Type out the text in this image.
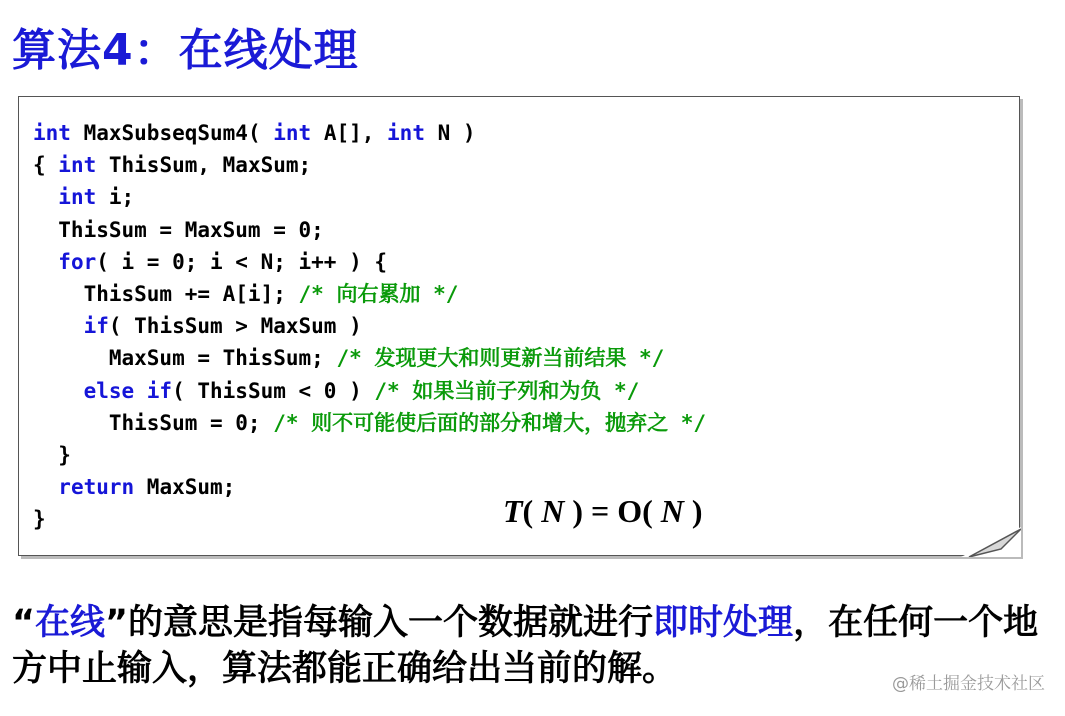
算法4：在线处理
int MaxSubseqSum4( int A[], int N )
{ int ThisSum, MaxSum;
int i;
ThisSum = MaxSum = 0;
for( i = 0; i < N; i++ ) {
ThisSum += A[i]; /* 向右累加 */
if( ThisSum > MaxSum )
MaxSum = ThisSum; /* 发现更大和则更新当前结果 */
else if( ThisSum < 0 ) /* 如果当前子列和为负 */
ThisSum = 0; /* 则不可能使后面的部分和增大，抛弃之 */
}
return MaxSum;
}	T( N ) = O( N )
“在线”的意思是指每输入一个数据就进行即时处理，在任何一个地方中止输入，算法都能正确给出当前的解。	@稀土掘金技术社区
